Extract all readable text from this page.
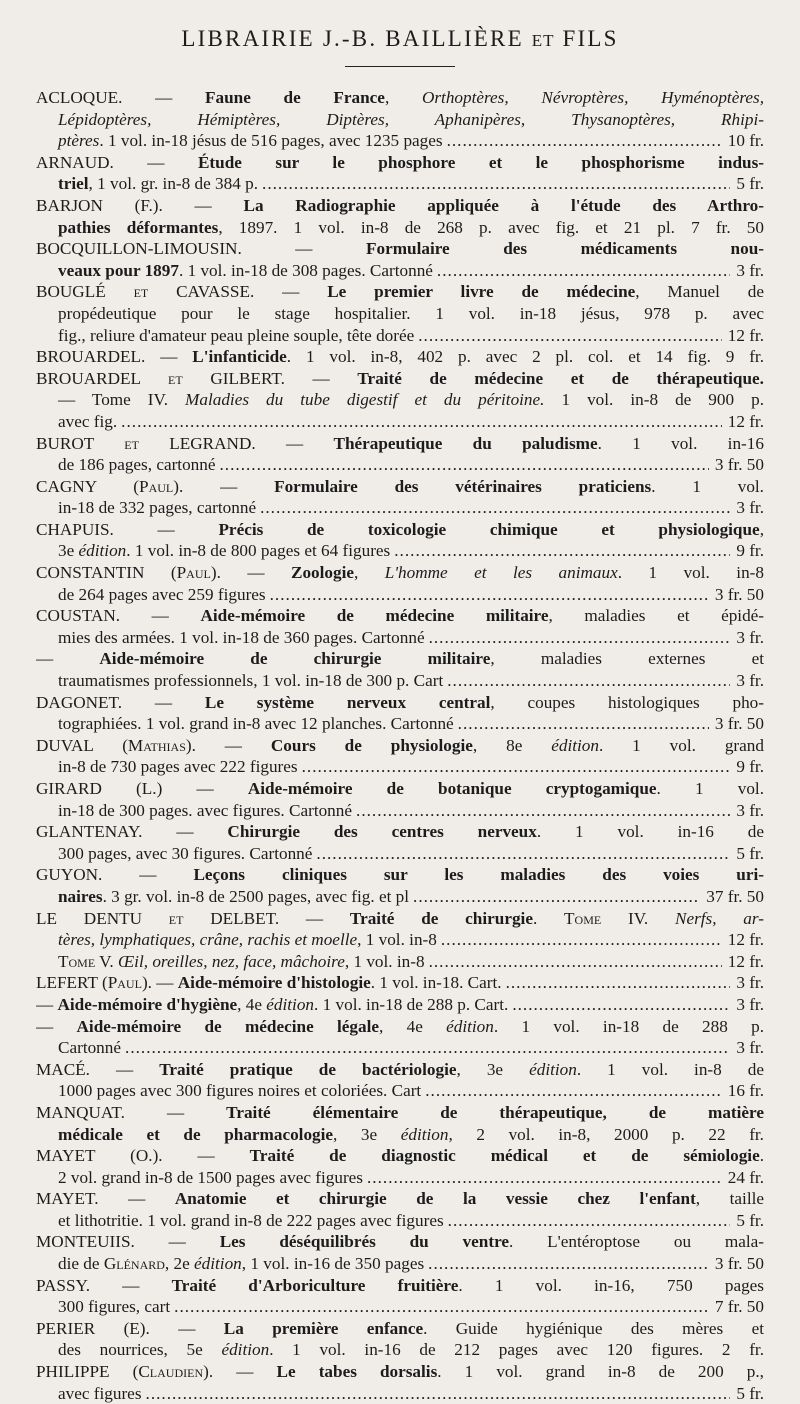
LIBRAIRIE J.-B. BAILLIÈRE ET FILS
ACLOQUE. — Faune de France, Orthoptères, Névroptères, Hyménoptères,
Lépidoptères, Hémiptères, Diptères, Aphanipères, Thysanoptères, Rhipi-
ptères. 1 vol. in-18 jésus de 516 pages, avec 1235 pages .....	10 fr.
ARNAUD. — Étude sur le phosphore et le phosphorisme indus-
triel, 1 vol. gr. in-8 de 384 p. .....	5 fr.
BARJON (F.). — La Radiographie appliquée à l'étude des Arthro-
pathies déformantes, 1897. 1 vol. in-8 de 268 p. avec fig. et 21 pl. 7 fr. 50
BOCQUILLON-LIMOUSIN. — Formulaire des médicaments nou-
veaux pour 1897. 1 vol. in-18 de 308 pages. Cartonné .....	3 fr.
BOUGLÉ et CAVASSE. — Le premier livre de médecine, Manuel de
propédeutique pour le stage hospitalier. 1 vol. in-18 jésus, 978 p. avec
fig., reliure d'amateur peau pleine souple, tête dorée .....	12 fr.
BROUARDEL. — L'infanticide. 1 vol. in-8, 402 p. avec 2 pl. col. et 14 fig. 9 fr.
BROUARDEL et GILBERT. — Traité de médecine et de thérapeutique.
— Tome IV. Maladies du tube digestif et du péritoine. 1 vol. in-8 de 900 p.
avec fig. .....	12 fr.
BUROT et LEGRAND. — Thérapeutique du paludisme. 1 vol. in-16
de 186 pages, cartonné .....	3 fr. 50
CAGNY (Paul). — Formulaire des vétérinaires praticiens. 1 vol.
in-18 de 332 pages, cartonné .....	3 fr.
CHAPUIS. — Précis de toxicologie chimique et physiologique,
3e édition. 1 vol. in-8 de 800 pages et 64 figures .....	9 fr.
CONSTANTIN (Paul). — Zoologie, L'homme et les animaux. 1 vol. in-8
de 264 pages avec 259 figures .....	3 fr. 50
COUSTAN. — Aide-mémoire de médecine militaire, maladies et épidé-
mies des armées. 1 vol. in-18 de 360 pages. Cartonné .....	3 fr.
— Aide-mémoire de chirurgie militaire, maladies externes et
traumatismes professionnels, 1 vol. in-18 de 300 p. Cart .....	3 fr.
DAGONET. — Le système nerveux central, coupes histologiques pho-
tographiées. 1 vol. grand in-8 avec 12 planches. Cartonné .....	3 fr. 50
DUVAL (Mathias). — Cours de physiologie, 8e édition. 1 vol. grand
in-8 de 730 pages avec 222 figures .....	9 fr.
GIRARD (L.) — Aide-mémoire de botanique cryptogamique. 1 vol.
in-18 de 300 pages. avec figures. Cartonné .....	3 fr.
GLANTENAY. — Chirurgie des centres nerveux. 1 vol. in-16 de
300 pages, avec 30 figures. Cartonné .....	5 fr.
GUYON. — Leçons cliniques sur les maladies des voies uri-
naires. 3 gr. vol. in-8 de 2500 pages, avec fig. et pl .....	37 fr. 50
LE DENTU et DELBET. — Traité de chirurgie. Tome IV. Nerfs, ar-
tères, lymphatiques, crâne, rachis et moelle, 1 vol. in-8 .....	12 fr.
Tome V. Œil, oreilles, nez, face, mâchoire, 1 vol. in-8 .....	12 fr.
LEFERT (Paul). — Aide-mémoire d'histologie. 1 vol. in-18. Cart. .....	3 fr.
— Aide-mémoire d'hygiène, 4e édition. 1 vol. in-18 de 288 p. Cart. .....	3 fr.
— Aide-mémoire de médecine légale, 4e édition. 1 vol. in-18 de 288 p.
Cartonné .....	3 fr.
MACÉ. — Traité pratique de bactériologie, 3e édition. 1 vol. in-8 de
1000 pages avec 300 figures noires et coloriées. Cart .....	16 fr.
MANQUAT. — Traité élémentaire de thérapeutique, de matière
médicale et de pharmacologie, 3e édition, 2 vol. in-8, 2000 p. 22 fr.
MAYET (O.). — Traité de diagnostic médical et de sémiologie.
2 vol. grand in-8 de 1500 pages avec figures .....	24 fr.
MAYET. — Anatomie et chirurgie de la vessie chez l'enfant, taille
et lithotritie. 1 vol. grand in-8 de 222 pages avec figures .....	5 fr.
MONTEUIIS. — Les déséquilibrés du ventre. L'entéroptose ou mala-
die de Glénard, 2e édition, 1 vol. in-16 de 350 pages .....	3 fr. 50
PASSY. — Traité d'Arboriculture fruitière. 1 vol. in-16, 750 pages
300 figures, cart .....	7 fr. 50
PERIER (E). — La première enfance. Guide hygiénique des mères et
des nourrices, 5e édition. 1 vol. in-16 de 212 pages avec 120 figures. 2 fr.
PHILIPPE (Claudien). — Le tabes dorsalis. 1 vol. grand in-8 de 200 p.,
avec figures .....	5 fr.
